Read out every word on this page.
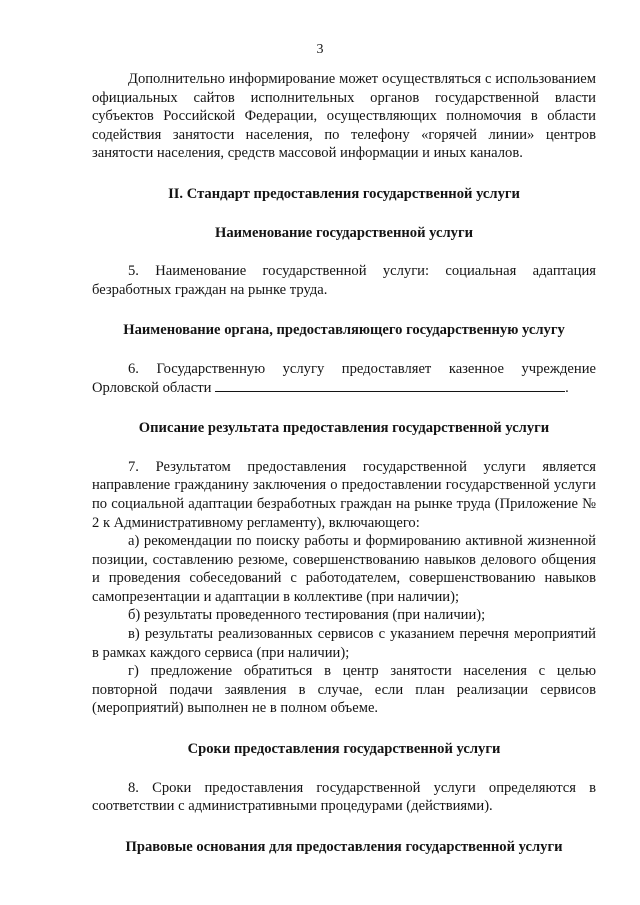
3

Дополнительно информирование может осуществляться с использованием официальных сайтов исполнительных органов государственной власти субъектов Российской Федерации, осуществляющих полномочия в области содействия занятости населения, по телефону «горячей линии» центров занятости населения, средств массовой информации и иных каналов.

II. Стандарт предоставления государственной услуги
Наименование государственной услуги

5. Наименование государственной услуги: социальная адаптация безработных граждан на рынке труда.

Наименование органа, предоставляющего государственную услугу

6. Государственную услугу предоставляет казенное учреждение Орловской области	.

Описание результата предоставления государственной услуги

7. Результатом предоставления государственной услуги является направление гражданину заключения о предоставлении государственной услуги по социальной адаптации безработных граждан на рынке труда (Приложение № 2 к Административному регламенту), включающего:

а) рекомендации по поиску работы и формированию активной жизненной позиции, составлению резюме, совершенствованию навыков делового общения и проведения собеседований с работодателем, совершенствованию навыков самопрезентации и адаптации в коллективе (при наличии);

б) результаты проведенного тестирования (при наличии);

в) результаты реализованных сервисов с указанием перечня мероприятий в рамках каждого сервиса (при наличии);

г) предложение обратиться в центр занятости населения с целью повторной подачи заявления в случае, если план реализации сервисов (мероприятий) выполнен не в полном объеме.

Сроки предоставления государственной услуги

8. Сроки предоставления государственной услуги определяются в соответствии с административными процедурами (действиями).

Правовые основания для предоставления государственной услуги
